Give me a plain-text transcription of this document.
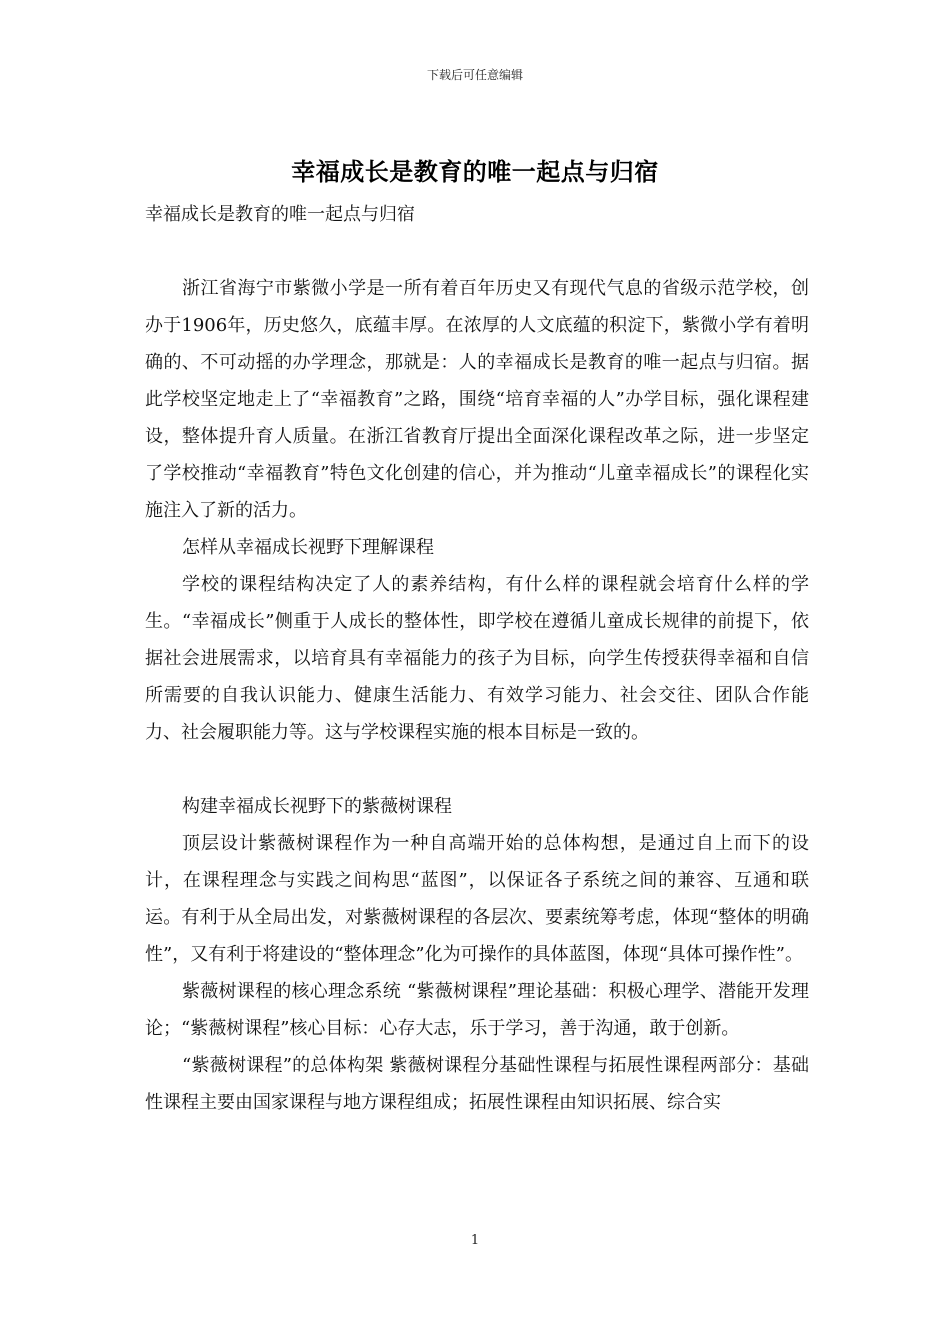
下载后可任意编辑
幸福成长是教育的唯一起点与归宿

幸福成长是教育的唯一起点与归宿

浙江省海宁市紫微小学是一所有着百年历史又有现代气息的省级示范学校，创办于1906年，历史悠久，底蕴丰厚。在浓厚的人文底蕴的积淀下，紫微小学有着明确的、不可动摇的办学理念，那就是：人的幸福成长是教育的唯一起点与归宿。据此学校坚定地走上了“幸福教育”之路，围绕“培育幸福的人”办学目标，强化课程建设，整体提升育人质量。在浙江省教育厅提出全面深化课程改革之际，进一步坚定了学校推动“幸福教育”特色文化创建的信心，并为推动“儿童幸福成长”的课程化实施注入了新的活力。

怎样从幸福成长视野下理解课程

学校的课程结构决定了人的素养结构，有什么样的课程就会培育什么样的学生。“幸福成长”侧重于人成长的整体性，即学校在遵循儿童成长规律的前提下，依据社会进展需求，以培育具有幸福能力的孩子为目标，向学生传授获得幸福和自信所需要的自我认识能力、健康生活能力、有效学习能力、社会交往、团队合作能力、社会履职能力等。这与学校课程实施的根本目标是一致的。

构建幸福成长视野下的紫薇树课程

顶层设计紫薇树课程作为一种自高端开始的总体构想，是通过自上而下的设计，在课程理念与实践之间构思“蓝图”，以保证各子系统之间的兼容、互通和联运。有利于从全局出发，对紫薇树课程的各层次、要素统筹考虑，体现“整体的明确性”，又有利于将建设的“整体理念”化为可操作的具体蓝图，体现“具体可操作性”。

紫薇树课程的核心理念系统 “紫薇树课程”理论基础：积极心理学、潜能开发理论；“紫薇树课程”核心目标：心存大志，乐于学习，善于沟通，敢于创新。

“紫薇树课程”的总体构架 紫薇树课程分基础性课程与拓展性课程两部分：基础性课程主要由国家课程与地方课程组成；拓展性课程由知识拓展、综合实

1
